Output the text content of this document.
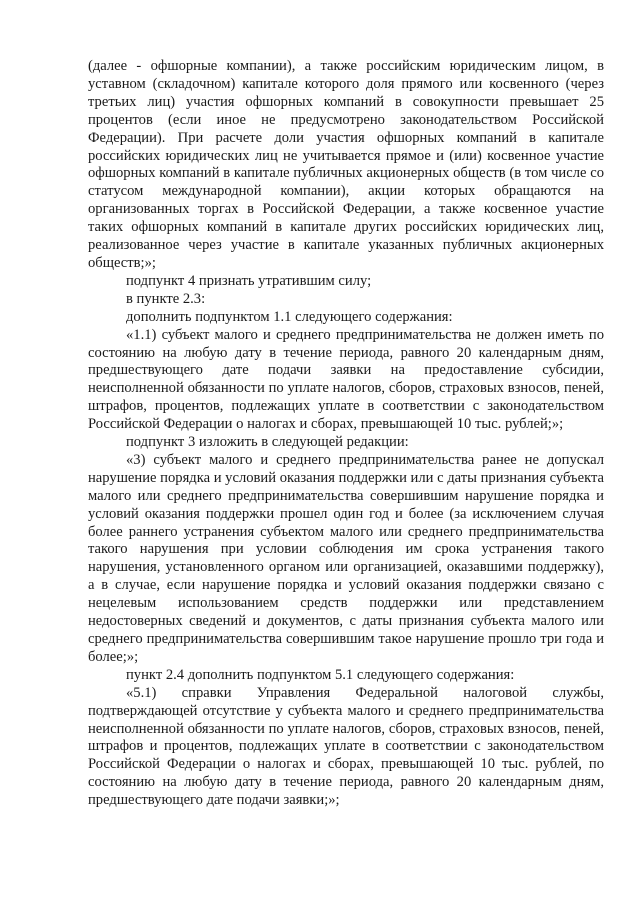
(далее - офшорные компании), а также российским юридическим лицом, в уставном (складочном) капитале которого доля прямого или косвенного (через третьих лиц) участия офшорных компаний в совокупности превышает 25 процентов (если иное не предусмотрено законодательством Российской Федерации). При расчете доли участия офшорных компаний в капитале российских юридических лиц не учитывается прямое и (или) косвенное участие офшорных компаний в капитале публичных акционерных обществ (в том числе со статусом международной компании), акции которых обращаются на организованных торгах в Российской Федерации, а также косвенное участие таких офшорных компаний в капитале других российских юридических лиц, реализованное через участие в капитале указанных публичных акционерных обществ;»;

подпункт 4 признать утратившим силу;

в пункте 2.3:

дополнить подпунктом 1.1 следующего содержания:

«1.1) субъект малого и среднего предпринимательства не должен иметь по состоянию на любую дату в течение периода, равного 20 календарным дням, предшествующего дате подачи заявки на предоставление субсидии, неисполненной обязанности по уплате налогов, сборов, страховых взносов, пеней, штрафов, процентов, подлежащих уплате в соответствии с законодательством Российской Федерации о налогах и сборах, превышающей 10 тыс. рублей;»;

подпункт 3 изложить в следующей редакции:

«3) субъект малого и среднего предпринимательства ранее не допускал нарушение порядка и условий оказания поддержки или с даты признания субъекта малого или среднего предпринимательства совершившим нарушение порядка и условий оказания поддержки прошел один год и более (за исключением случая более раннего устранения субъектом малого или среднего предпринимательства такого нарушения при условии соблюдения им срока устранения такого нарушения, установленного органом или организацией, оказавшими поддержку), а в случае, если нарушение порядка и условий оказания поддержки связано с нецелевым использованием средств поддержки или представлением недостоверных сведений и документов, с даты признания субъекта малого или среднего предпринимательства совершившим такое нарушение прошло три года и более;»;

пункт 2.4 дополнить подпунктом 5.1 следующего содержания:

«5.1) справки Управления Федеральной налоговой службы, подтверждающей отсутствие у субъекта малого и среднего предпринимательства неисполненной обязанности по уплате налогов, сборов, страховых взносов, пеней, штрафов и процентов, подлежащих уплате в соответствии с законодательством Российской Федерации о налогах и сборах, превышающей 10 тыс. рублей, по состоянию на любую дату в течение периода, равного 20 календарным дням, предшествующего дате подачи заявки;»;
